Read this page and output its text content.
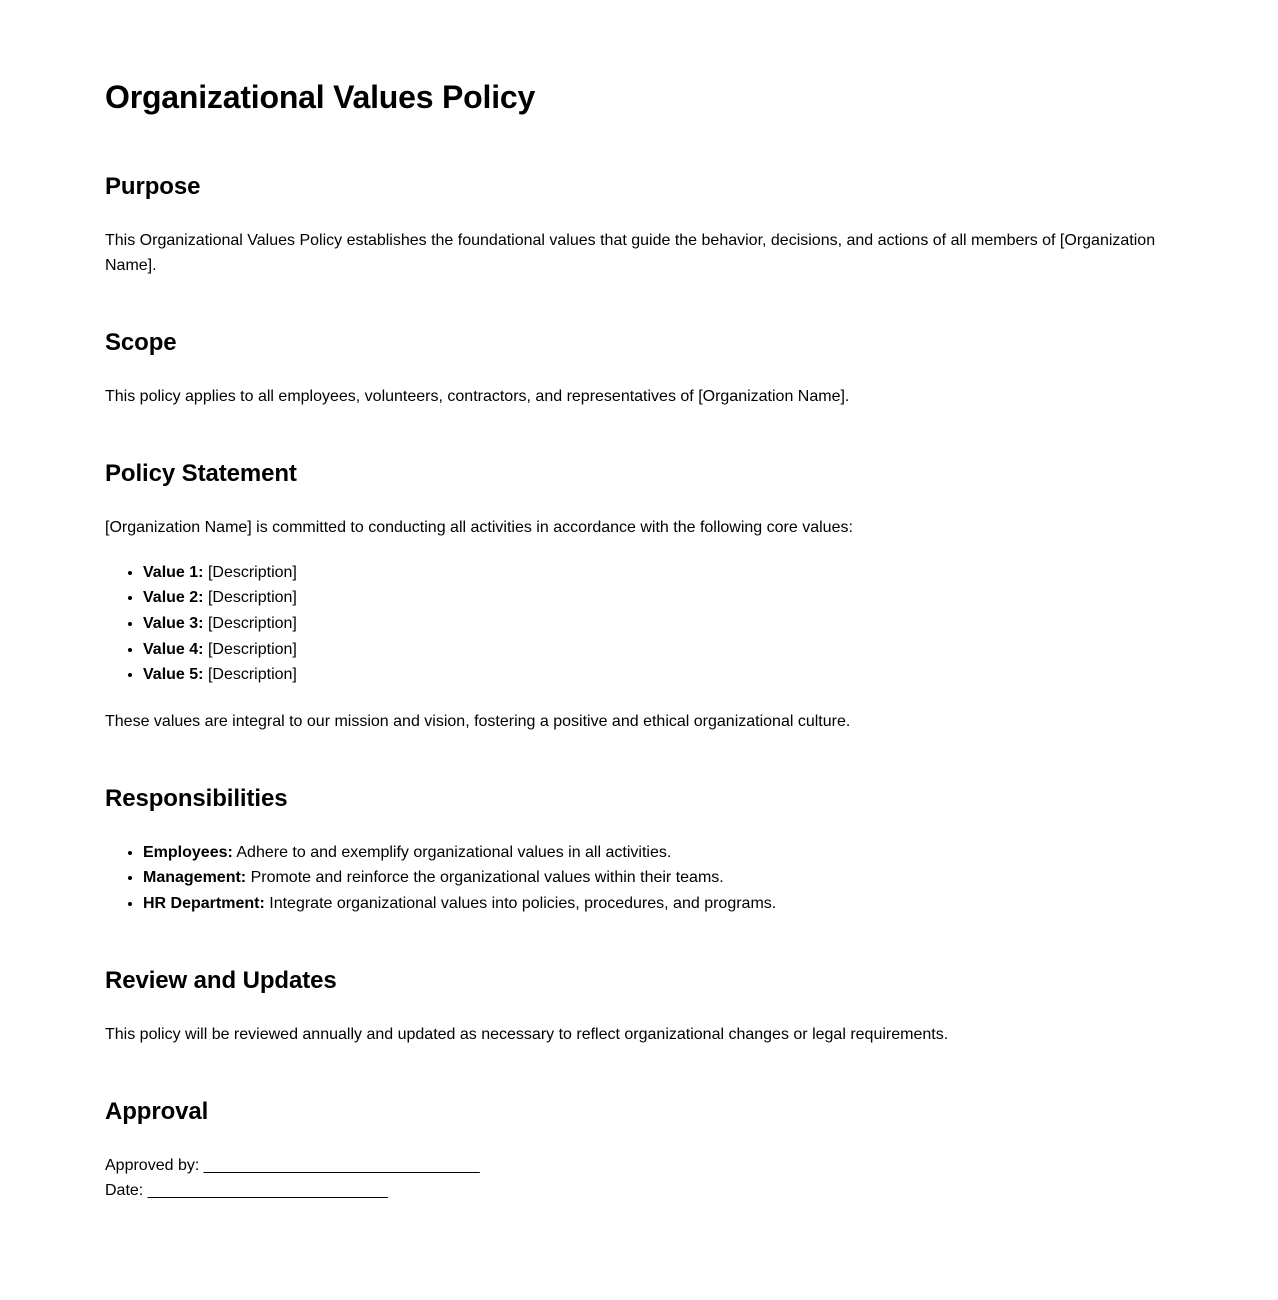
Organizational Values Policy
Purpose

This Organizational Values Policy establishes the foundational values that guide the behavior, decisions, and actions of all members of [Organization Name].

Scope

This policy applies to all employees, volunteers, contractors, and representatives of [Organization Name].

Policy Statement

[Organization Name] is committed to conducting all activities in accordance with the following core values:

• Value 1: [Description]
• Value 2: [Description]
• Value 3: [Description]
• Value 4: [Description]
• Value 5: [Description]

These values are integral to our mission and vision, fostering a positive and ethical organizational culture.

Responsibilities
• Employees: Adhere to and exemplify organizational values in all activities.
• Management: Promote and reinforce the organizational values within their teams.
• HR Department: Integrate organizational values into policies, procedures, and programs.
Review and Updates

This policy will be reviewed annually and updated as necessary to reflect organizational changes or legal requirements.

Approval
Approved by: _______________________________
Date: ___________________________
